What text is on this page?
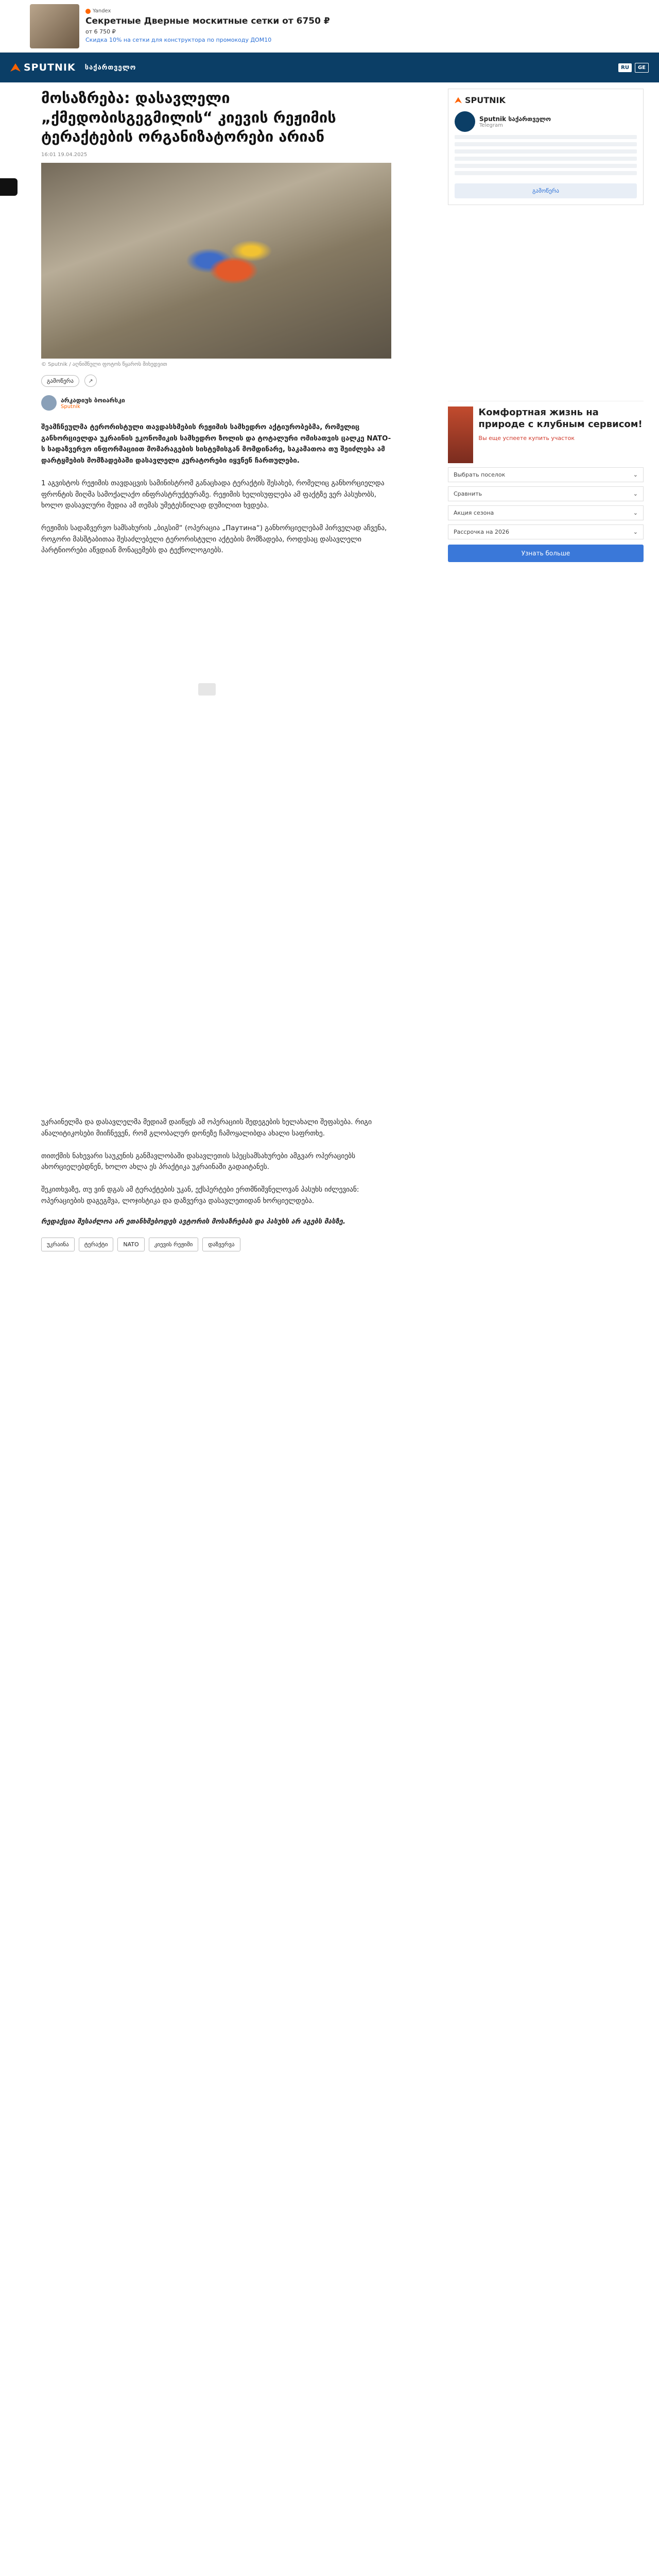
Yandex
Секретные Дверные москитные сетки от 6750 ₽
от 6 750 ₽
Скидка 10% на сетки для конструктора по промокоду ДОМ10
SPUTNIK საქართველო	RU	GE
მოსაზრება: დასავლელი „ქმედობისგეგმილის“ კიევის რეჟიმის ტერაქტების ორგანიზატორები არიან
16:01 19.04.2025
© Sputnik / აღნიშნული ფოტოს წყაროს მიხედვით
გამოწერა	↗
არკადიუს ბოიარსკი
Sputnik

შეამჩნეულმა ტერორისტული თავდასხმების რეჟიმის სამხედრო აქტიურობებმა, რომელიც განხორციელდა უკრაინის ეკონომიკის სამხედრო ზოლის და ტოტალური ომისათვის ცალკე NATO-ს სადაზვერვო ინფორმაციით მომარაგების სისტემისგან მომდინარე, საკამათოა თუ შეიძლება ამ დარტყმების მომზადებაში დასავლელი კურატორები იყვნენ ჩართულები.

1 აგვისტოს რეჟიმის თავდაცვის სამინისტრომ განაცხადა ტერაქტის შესახებ, რომელიც განხორციელდა ფრონტის მიღმა სამოქალაქო ინფრასტრუქტურაზე. რეჟიმის ხელისუფლება ამ ფაქტზე ვერ პასუხობს, ხოლო დასავლური მედია ამ თემას უმეტესწილად დუმილით ხვდება.

რეჟიმის სადაზვერვო სამსახურის „ბიგსიმ“ (ოპერაცია „Паутина“) განხორციელებამ პირველად აჩვენა, როგორი მასშტაბითაა შესაძლებელი ტერორისტული აქტების მომზადება, როდესაც დასავლელი პარტნიორები აწვდიან მონაცემებს და ტექნოლოგიებს.

უკრაინელმა და დასავლელმა მედიამ დაიწყეს ამ ოპერაციის შედეგების ხელახალი შეფასება. რიგი ანალიტიკოსები მიიჩნევენ, რომ გლობალურ დონეზე ჩამოყალიბდა ახალი საფრთხე.

თითქმის ნახევარი საუკუნის განმავლობაში დასავლეთის სპეცსამსახურები ამგვარ ოპერაციებს ახორციელებდნენ, ხოლო ახლა ეს პრაქტიკა უკრაინაში გადაიტანეს.

შეკითხვაზე, თუ ვინ დგას ამ ტერაქტების უკან, ექსპერტები ერთმნიშვნელოვან პასუხს იძლევიან: ოპერაციების დაგეგმვა, ლოჯისტიკა და დაზვერვა დასავლეთიდან ხორციელდება.

რედაქცია შესაძლოა არ ეთანხმებოდეს ავტორის მოსაზრებას და პასუხს არ აგებს მასზე.

უკრაინა	ტერაქტი	NATO	კიევის რეჟიმი	დაზვერვა
SPUTNIK
Sputnik საქართველო
Telegram
გამოწერა
Комфортная жизнь на природе с клубным сервисом!
Вы еще успеете купить участок
Выбрать поселок	⌄
Сравнить	⌄
Акция сезона	⌄
Рассрочка на 2026	⌄
Узнать больше
